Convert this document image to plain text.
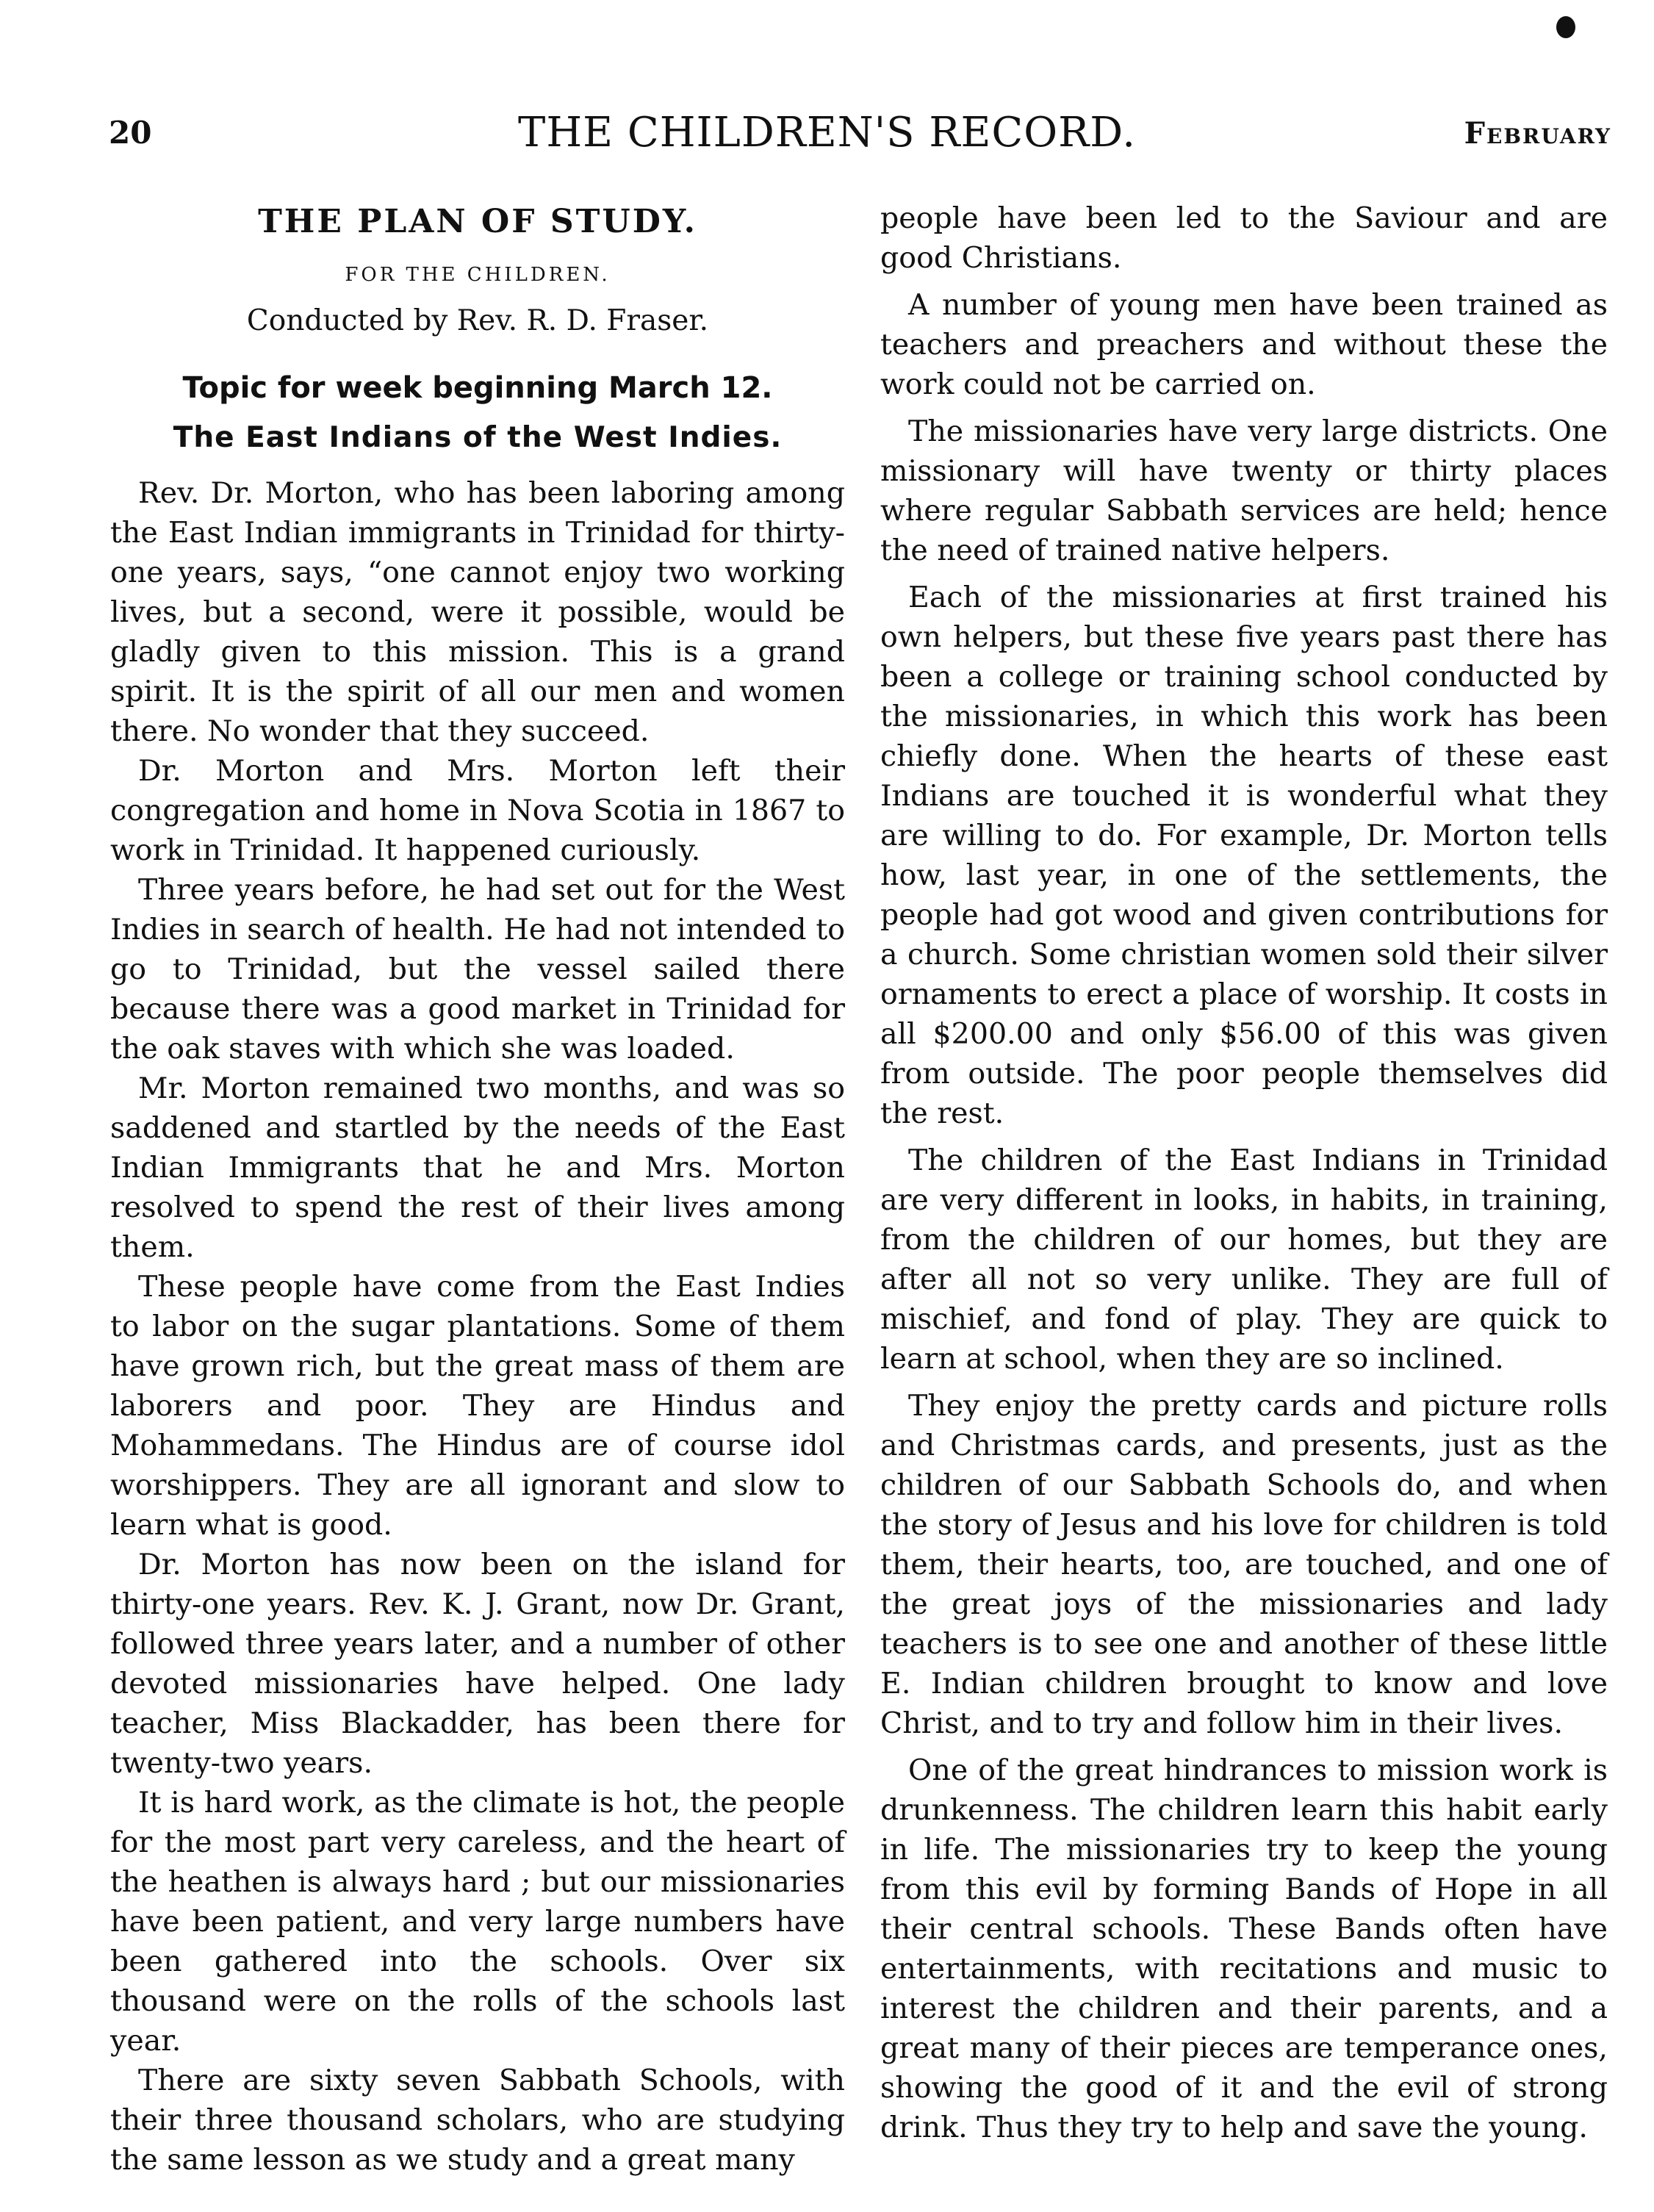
20	THE CHILDREN'S RECORD.	February
THE PLAN OF STUDY.
FOR THE CHILDREN.
Conducted by Rev. R. D. Fraser.
Topic for week beginning March 12.
The East Indians of the West Indies.

Rev. Dr. Morton, who has been laboring among the East Indian immigrants in Trinidad for thirty-one years, says, “one cannot enjoy two working lives, but a second, were it possible, would be gladly given to this mission. This is a grand spirit. It is the spirit of all our men and women there. No wonder that they succeed.

Dr. Morton and Mrs. Morton left their congregation and home in Nova Scotia in 1867 to work in Trinidad. It happened curiously.

Three years before, he had set out for the West Indies in search of health. He had not intended to go to Trinidad, but the vessel sailed there because there was a good market in Trinidad for the oak staves with which she was loaded.

Mr. Morton remained two months, and was so saddened and startled by the needs of the East Indian Immigrants that he and Mrs. Morton resolved to spend the rest of their lives among them.

These people have come from the East Indies to labor on the sugar plantations. Some of them have grown rich, but the great mass of them are laborers and poor. They are Hindus and Mohammedans. The Hindus are of course idol worshippers. They are all ignorant and slow to learn what is good.

Dr. Morton has now been on the island for thirty-one years. Rev. K. J. Grant, now Dr. Grant, followed three years later, and a number of other devoted missionaries have helped. One lady teacher, Miss Blackadder, has been there for twenty-two years.

It is hard work, as the climate is hot, the people for the most part very careless, and the heart of the heathen is always hard ; but our missionaries have been patient, and very large numbers have been gathered into the schools. Over six thousand were on the rolls of the schools last year.

There are sixty seven Sabbath Schools, with their three thousand scholars, who are studying the same lesson as we study and a great many

people have been led to the Saviour and are good Christians.

A number of young men have been trained as teachers and preachers and without these the work could not be carried on.

The missionaries have very large districts. One missionary will have twenty or thirty places where regular Sabbath services are held; hence the need of trained native helpers.

Each of the missionaries at first trained his own helpers, but these five years past there has been a college or training school conducted by the missionaries, in which this work has been chiefly done. When the hearts of these east Indians are touched it is wonderful what they are willing to do. For example, Dr. Morton tells how, last year, in one of the settlements, the people had got wood and given contributions for a church. Some christian women sold their silver ornaments to erect a place of worship. It costs in all $200.00 and only $56.00 of this was given from outside. The poor people themselves did the rest.

The children of the East Indians in Trinidad are very different in looks, in habits, in training, from the children of our homes, but they are after all not so very unlike. They are full of mischief, and fond of play. They are quick to learn at school, when they are so inclined.

They enjoy the pretty cards and picture rolls and Christmas cards, and presents, just as the children of our Sabbath Schools do, and when the story of Jesus and his love for children is told them, their hearts, too, are touched, and one of the great joys of the missionaries and lady teachers is to see one and another of these little E. Indian children brought to know and love Christ, and to try and follow him in their lives.

One of the great hindrances to mission work is drunkenness. The children learn this habit early in life. The missionaries try to keep the young from this evil by forming Bands of Hope in all their central schools. These Bands often have entertainments, with recitations and music to interest the children and their parents, and a great many of their pieces are temperance ones, showing the good of it and the evil of strong drink. Thus they try to help and save the young.
